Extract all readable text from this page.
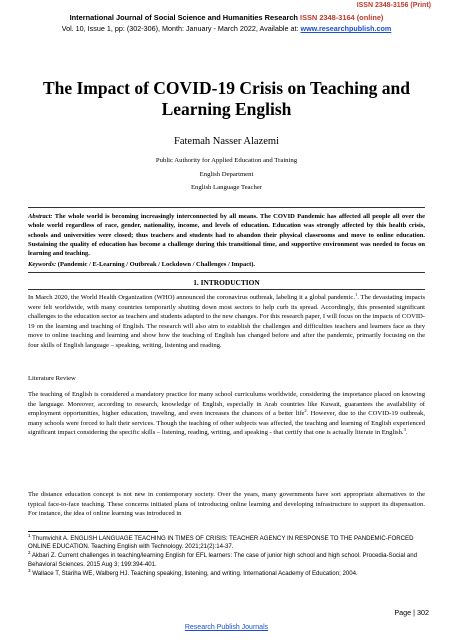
ISSN 2348-3156 (Print)
International Journal of Social Science and Humanities Research ISSN 2348-3164 (online)
Vol. 10, Issue 1, pp: (302-306), Month: January - March 2022, Available at: www.researchpublish.com
The Impact of COVID-19 Crisis on Teaching and Learning English
Fatemah Nasser Alazemi
Public Authority for Applied Education and Training
English Department
English Language Teacher
Abstract: The whole world is becoming increasingly interconnected by all means. The COVID Pandemic has affected all people all over the whole world regardless of race, gender, nationality, income, and levels of education. Education was strongly affected by this health crisis, schools and universities were closed; thus teachers and students had to abandon their physical classrooms and move to online education. Sustaining the quality of education has become a challenge during this transitional time, and supportive environment was needed to focus on learning and teaching.
Keywords: (Pandemic / E-Learning / Outbreak / Lockdown / Challenges / Impact).
1. INTRODUCTION

In March 2020, the World Health Organization (WHO) announced the coronavirus outbreak, labeling it a global pandemic.$^1$. The devastating impacts were felt worldwide, with many countries temporarily shutting down most sectors to help curb its spread. Accordingly, this presented significant challenges to the education sector as teachers and students adapted to the new changes. For this research paper, I will focus on the impacts of COVID-19 on the learning and teaching of English. The research will also aim to establish the challenges and difficulties teachers and learners face as they move to online teaching and learning and show how the teaching of English has changed before and after the pandemic, primarily focusing on the four skills of English language – speaking, writing, listening and reading.

Literature Review

The teaching of English is considered a mandatory practice for many school curriculums worldwide, considering the importance placed on knowing the language. Moreover, according to research, knowledge of English, especially in Arab countries like Kuwait, guarantees the availability of employment opportunities, higher education, traveling, and even increases the chances of a better life$^2$. However, due to the COVID-19 outbreak, many schools were forced to halt their services. Though the teaching of other subjects was affected, the teaching and learning of English experienced significant impact considering the specific skills – listening, reading, writing, and speaking - that certify that one is actually literate in English.$^3$.

The distance education concept is not new in contemporary society. Over the years, many governments have sort appropriate alternatives to the typical face-to-face teaching. These concerns initiated plans of introducing online learning and developing infrastructure to support its dispensation. For instance, the idea of online learning was introduced in

$^1$ Thumvichit A. ENGLISH LANGUAGE TEACHING IN TIMES OF CRISIS: TEACHER AGENCY IN RESPONSE TO THE PANDEMIC-FORCED ONLINE EDUCATION. Teaching English with Technology. 2021;21(2):14-37.

$^2$ Akbari Z. Current challenges in teaching/learning English for EFL learners: The case of junior high school and high school. Procedia-Social and Behavioral Sciences. 2015 Aug 3; 199:394-401.

$^3$ Wallace T, Stariha WE, Walberg HJ. Teaching speaking, listening, and writing. International Academy of Education; 2004.

Page | 302
Research Publish Journals
